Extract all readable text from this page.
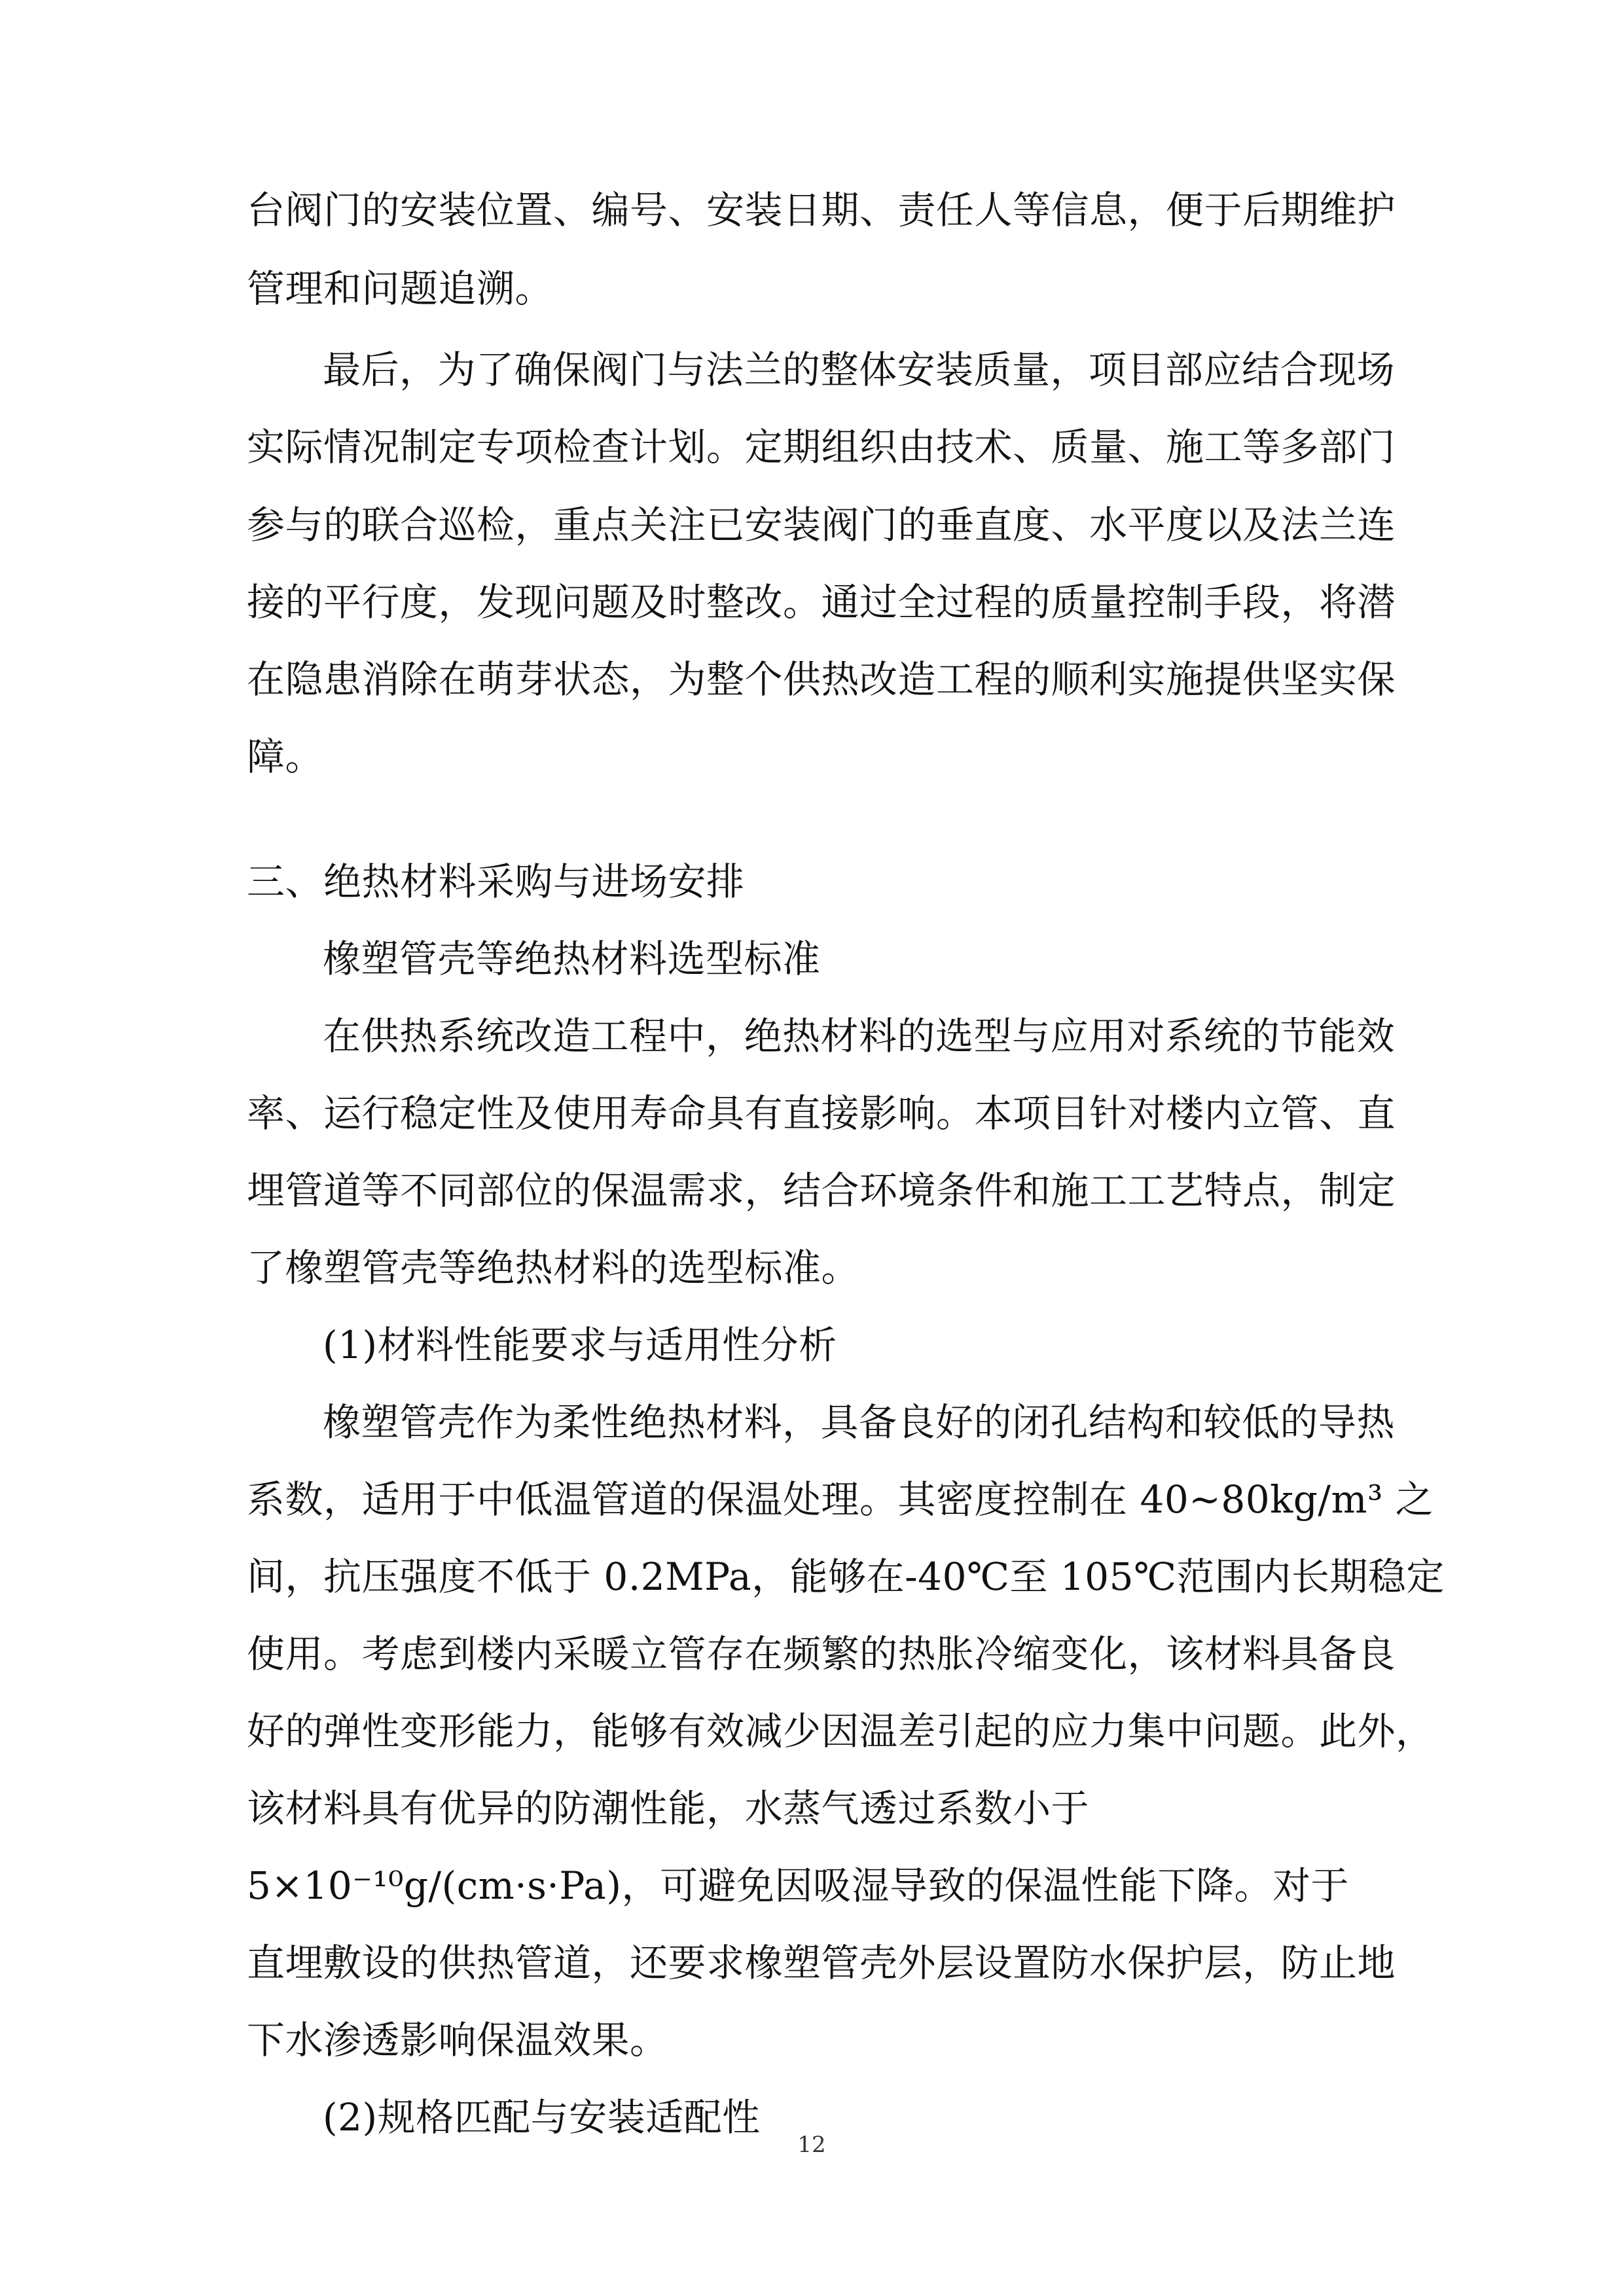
台阀门的安装位置、编号、安装日期、责任人等信息，便于后期维护
管理和问题追溯。
最后，为了确保阀门与法兰的整体安装质量，项目部应结合现场
实际情况制定专项检查计划。定期组织由技术、质量、施工等多部门
参与的联合巡检，重点关注已安装阀门的垂直度、水平度以及法兰连
接的平行度，发现问题及时整改。通过全过程的质量控制手段，将潜
在隐患消除在萌芽状态，为整个供热改造工程的顺利实施提供坚实保
障。
三、绝热材料采购与进场安排
橡塑管壳等绝热材料选型标准
在供热系统改造工程中，绝热材料的选型与应用对系统的节能效
率、运行稳定性及使用寿命具有直接影响。本项目针对楼内立管、直
埋管道等不同部位的保温需求，结合环境条件和施工工艺特点，制定
了橡塑管壳等绝热材料的选型标准。
(1)材料性能要求与适用性分析
橡塑管壳作为柔性绝热材料，具备良好的闭孔结构和较低的导热
系数，适用于中低温管道的保温处理。其密度控制在 40~80kg/m³ 之
间，抗压强度不低于 0.2MPa，能够在-40℃至 105℃范围内长期稳定
使用。考虑到楼内采暖立管存在频繁的热胀冷缩变化，该材料具备良
好的弹性变形能力，能够有效减少因温差引起的应力集中问题。此外，
该材料具有优异的防潮性能，水蒸气透过系数小于
5×10⁻¹⁰g/(cm·s·Pa)，可避免因吸湿导致的保温性能下降。对于
直埋敷设的供热管道，还要求橡塑管壳外层设置防水保护层，防止地
下水渗透影响保温效果。
(2)规格匹配与安装适配性
12
